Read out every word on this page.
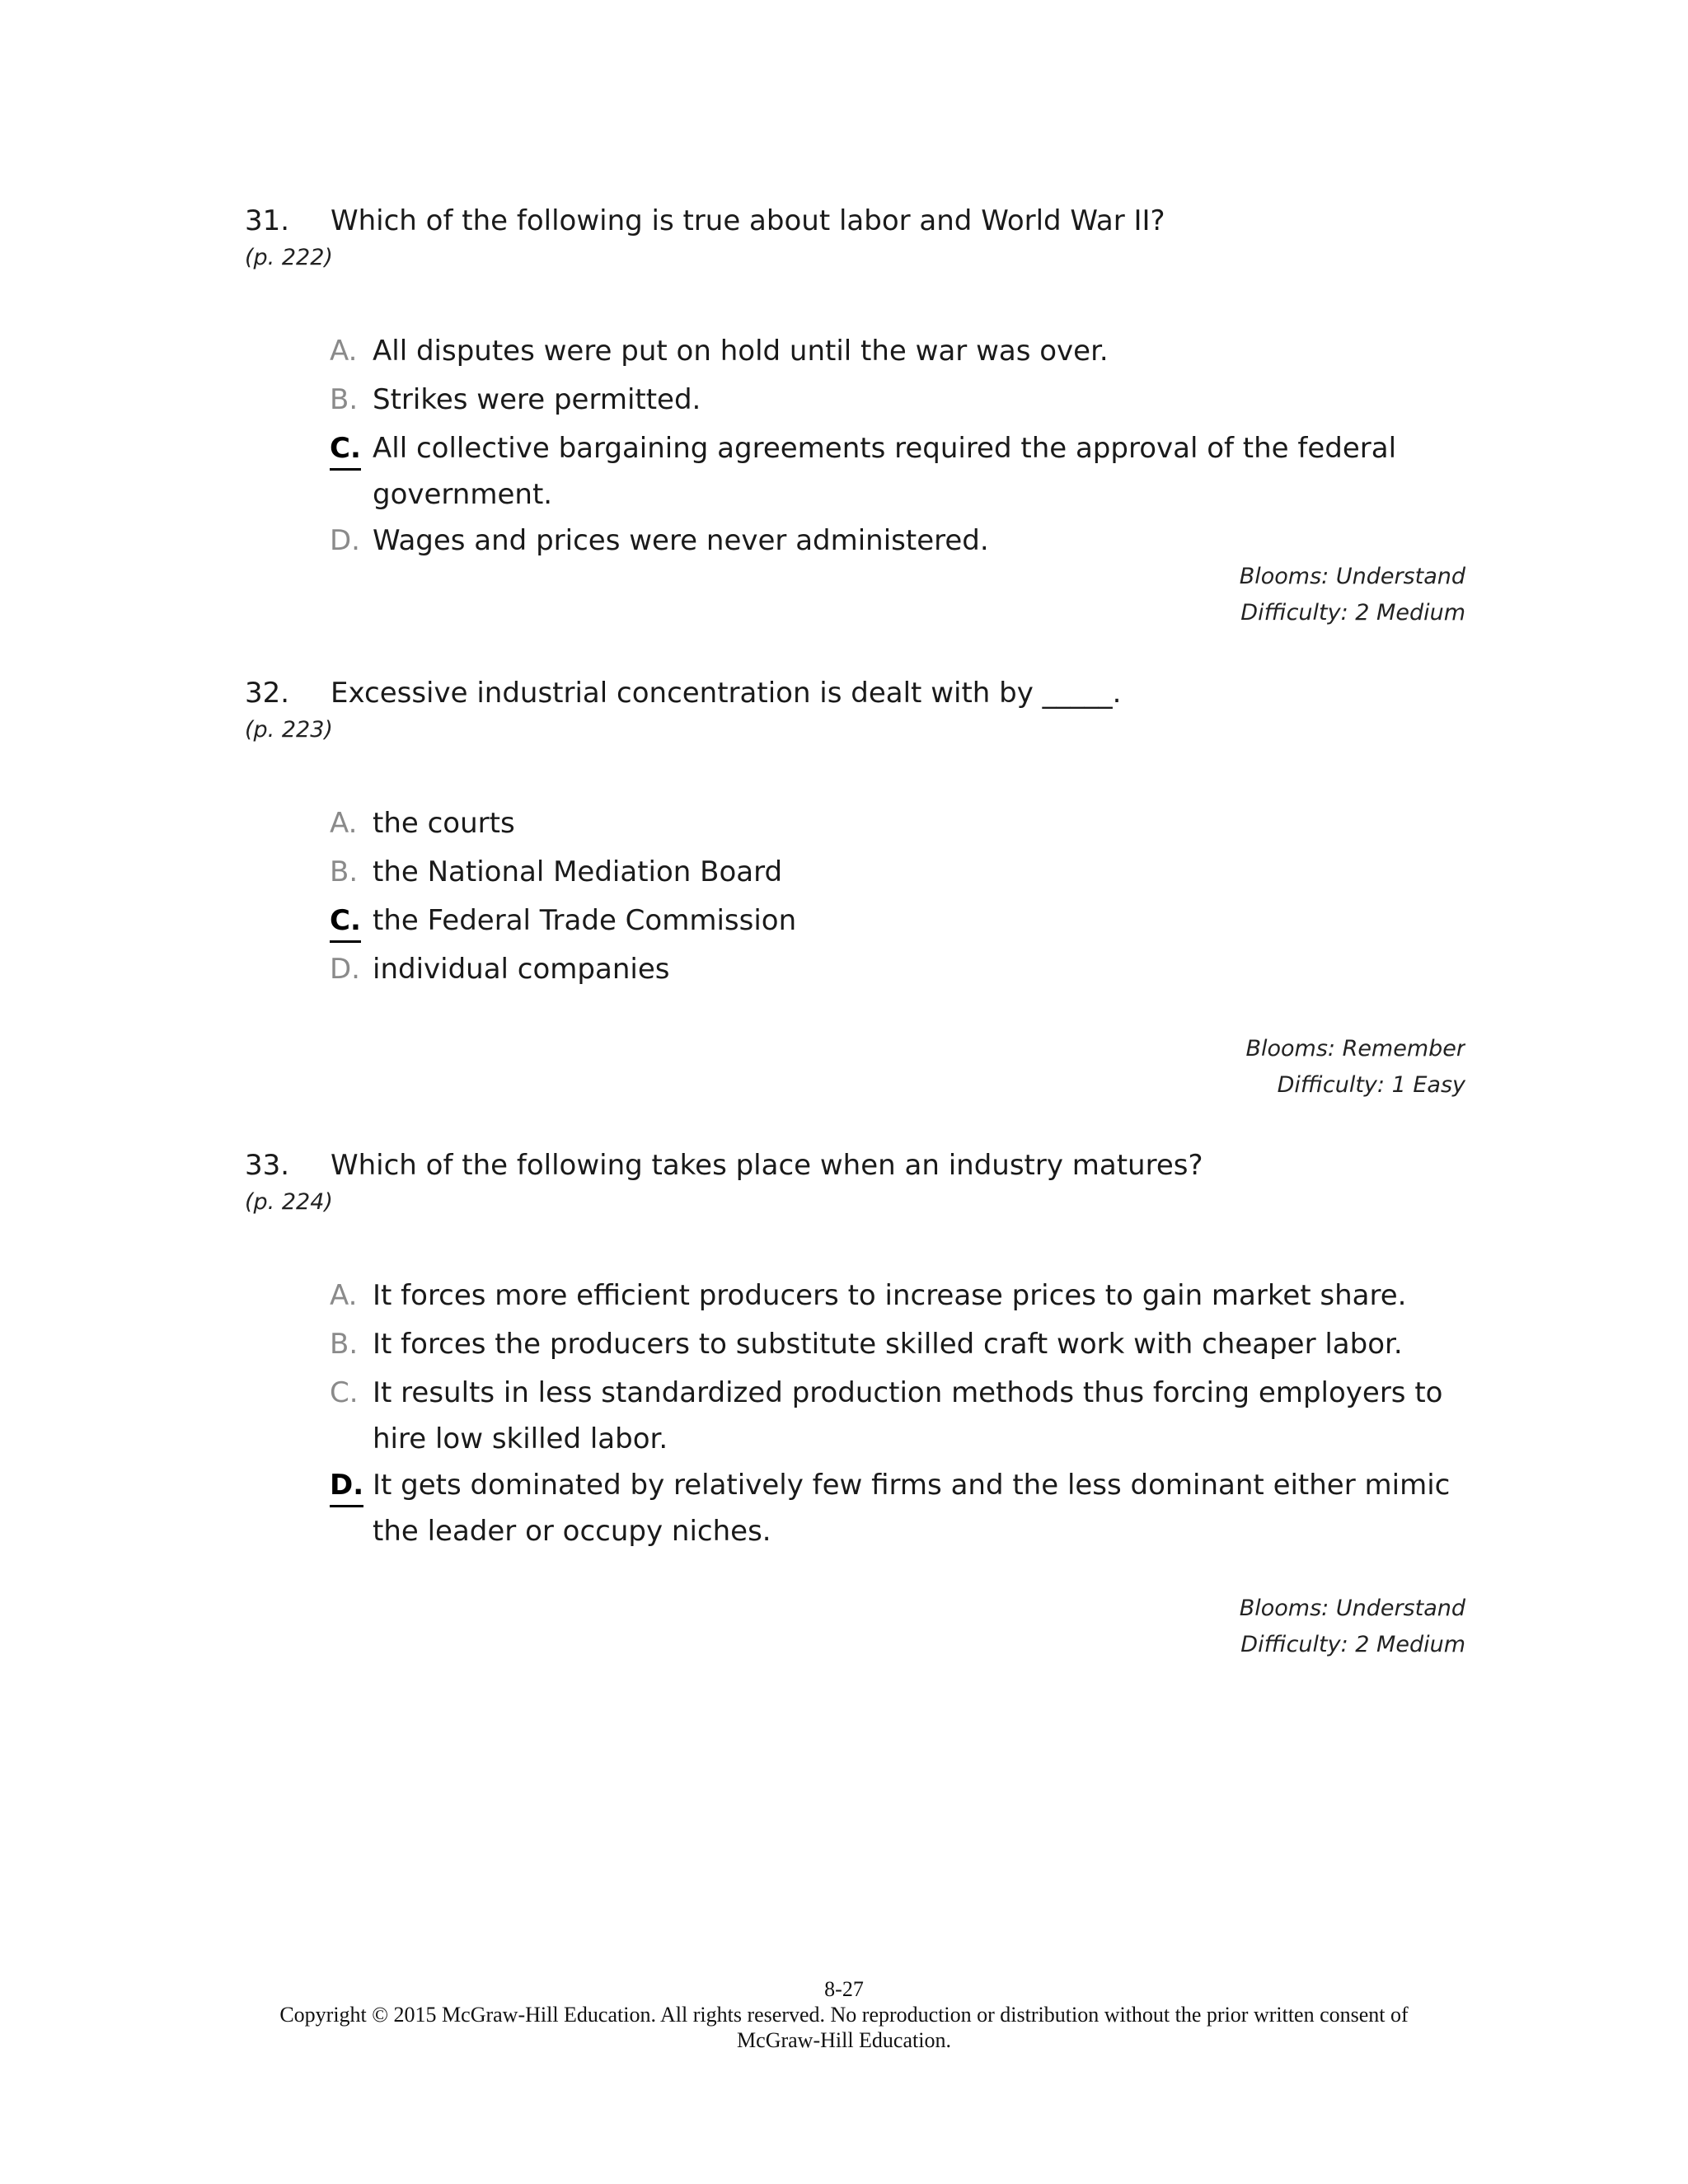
31. Which of the following is true about labor and World War II?
(p. 222)
A. All disputes were put on hold until the war was over.
B. Strikes were permitted.
C. All collective bargaining agreements required the approval of the federal government.
D. Wages and prices were never administered.
Blooms: Understand
Difficulty: 2 Medium
32. Excessive industrial concentration is dealt with by _____.
(p. 223)
A. the courts
B. the National Mediation Board
C. the Federal Trade Commission
D. individual companies
Blooms: Remember
Difficulty: 1 Easy
33. Which of the following takes place when an industry matures?
(p. 224)
A. It forces more efficient producers to increase prices to gain market share.
B. It forces the producers to substitute skilled craft work with cheaper labor.
C. It results in less standardized production methods thus forcing employers to hire low skilled labor.
D. It gets dominated by relatively few firms and the less dominant either mimic the leader or occupy niches.
Blooms: Understand
Difficulty: 2 Medium
8-27
Copyright © 2015 McGraw-Hill Education. All rights reserved. No reproduction or distribution without the prior written consent of
McGraw-Hill Education.
